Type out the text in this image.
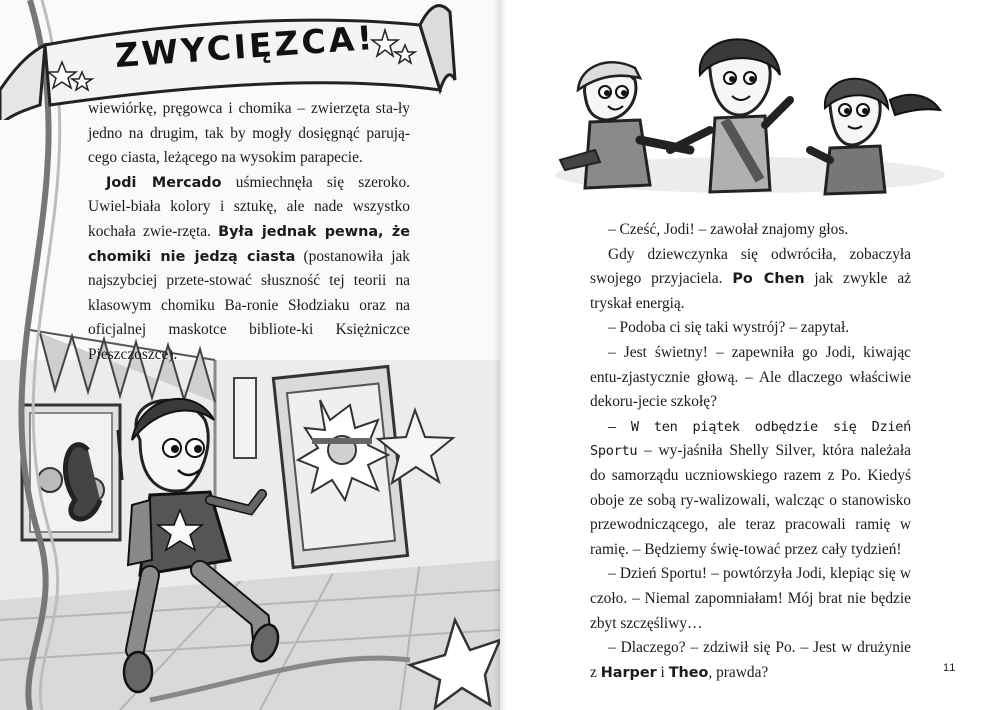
ZWYCIĘZCA!

wiewiórkę, pręgowca i chomika – zwierzęta sta-ły jedno na drugim, tak by mogły dosięgnąć parują-cego ciasta, leżącego na wysokim parapecie.

Jodi Mercado uśmiechnęła się szeroko. Uwiel-biała kolory i sztukę, ale nade wszystko kochała zwie-rzęta. Była jednak pewna, że chomiki nie jedzą ciasta (postanowiła jak najszybciej przete-stować słuszność tej teorii na klasowym chomiku Ba-ronie Słodziaku oraz na oficjalnej maskotce bibliote-ki Księżniczce Pieszczoszce).

– Cześć, Jodi! – zawołał znajomy głos.

Gdy dziewczynka się odwróciła, zobaczyła swojego przyjaciela. Po Chen jak zwykle aż tryskał energią.

– Podoba ci się taki wystrój? – zapytał.

– Jest świetny! – zapewniła go Jodi, kiwając entu-zjastycznie głową. – Ale dlaczego właściwie dekoru-jecie szkołę?

– W ten piątek odbędzie się Dzień Sportu – wy-jaśniła Shelly Silver, która należała do samorządu uczniowskiego razem z Po. Kiedyś oboje ze sobą ry-walizowali, walcząc o stanowisko przewodniczącego, ale teraz pracowali ramię w ramię. – Będziemy świę-tować przez cały tydzień!

– Dzień Sportu! – powtórzyła Jodi, klepiąc się w czoło. – Niemal zapomniałam! Mój brat nie będzie zbyt szczęśliwy…

– Dlaczego? – zdziwił się Po. – Jest w drużynie z Harper i Theo, prawda?	11
